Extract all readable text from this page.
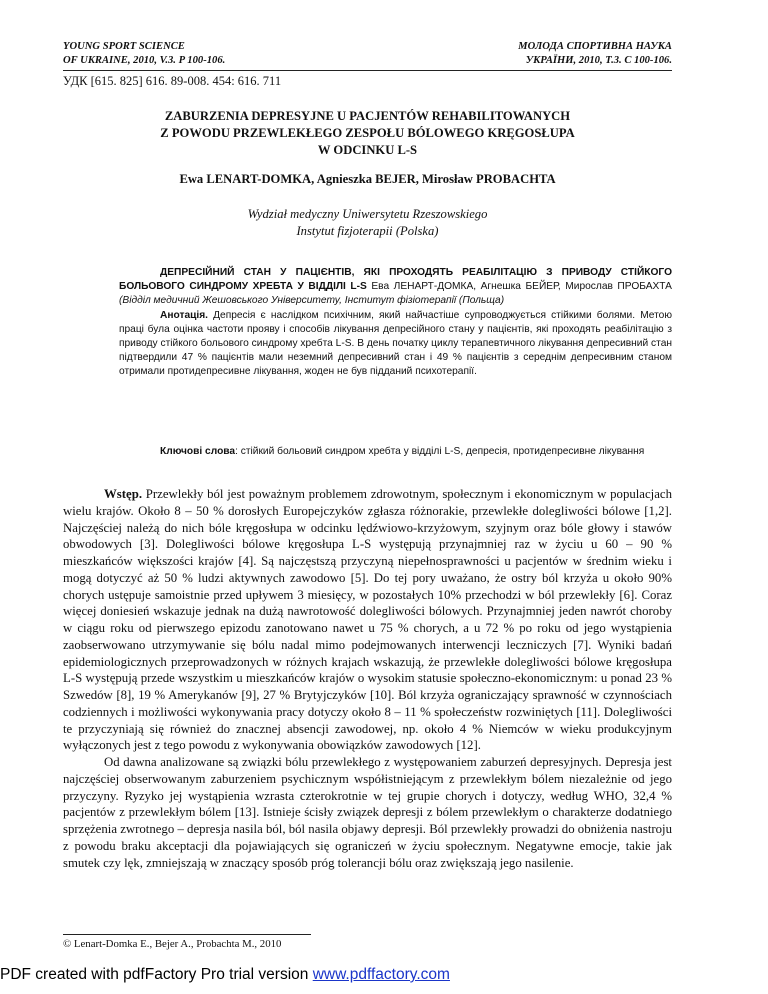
YOUNG SPORT SCIENCE
OF UKRAINE, 2010, V.3. P 100-106.
МОЛОДА СПОРТИВНА НАУКА
УКРАЇНИ, 2010, Т.3. С 100-106.
УДК [615. 825] 616. 89-008. 454: 616. 711
ZABURZENIA DEPRESYJNE U PACJENTÓW REHABILITOWANYCH
Z POWODU PRZEWLEKŁEGO ZESPOŁU BÓLOWEGO KRĘGOSŁUPA
W ODCINKU L-S
Ewa LENART-DOMKA, Agnieszka BEJER, Mirosław PROBACHTA
Wydział medyczny Uniwersytetu Rzeszowskiego
Instytut fizjoterapii (Polska)

ДЕПРЕСІЙНИЙ СТАН У ПАЦІЄНТІВ, ЯКІ ПРОХОДЯТЬ РЕАБІЛІТАЦІЮ З ПРИВОДУ СТІЙКОГО БОЛЬОВОГО СИНДРОМУ ХРЕБТА У ВІДДІЛІ L-S Ева ЛЕНАРТ-ДОМКА, Агнешка БЕЙЕР, Мирослав ПРОБАХТА (Відділ медичний Жешовського Університету, Інститут фізіотерапії (Польща)

Анотація. Депресія є наслідком психічним, який найчастіше супроводжується стійкими болями. Метою праці була оцінка частоти прояву і способів лікування депресійного стану у пацієнтів, які проходять реабілітацію з приводу стійкого больового синдрому хребта L-S. В день початку циклу терапевтичного лікування депресивний стан підтвердили 47 % пацієнтів мали неземний депресивний стан і 49 % пацієнтів з середнім депресивним станом отримали протидепресивне лікування, жоден не був підданий психотерапії.

Ключові слова: стійкий больовий синдром хребта у відділі L-S, депресія, протидепресивне лікування

Wstęp. Przewlekły ból jest poważnym problemem zdrowotnym, społecznym i ekonomicznym w populacjach wielu krajów. Około 8 – 50 % dorosłych Europejczyków zgłasza różnorakie, przewlekłe dolegliwości bólowe [1,2]. Najczęściej należą do nich bóle kręgosłupa w odcinku lędźwiowo-krzyżowym, szyjnym oraz bóle głowy i stawów obwodowych [3]. Dolegliwości bólowe kręgosłupa L-S występują przynajmniej raz w życiu u 60 – 90 % mieszkańców większości krajów [4]. Są najczęstszą przyczyną niepełnosprawności u pacjentów w średnim wieku i mogą dotyczyć aż 50 % ludzi aktywnych zawodowo [5]. Do tej pory uważano, że ostry ból krzyża u około 90% chorych ustępuje samoistnie przed upływem 3 miesięcy, w pozostałych 10% przechodzi w ból przewlekły [6]. Coraz więcej doniesień wskazuje jednak na dużą nawrotowość dolegliwości bólowych. Przynajmniej jeden nawrót choroby w ciągu roku od pierwszego epizodu zanotowano nawet u 75 % chorych, a u 72 % po roku od jego wystąpienia zaobserwowano utrzymywanie się bólu nadal mimo podejmowanych interwencji leczniczych [7]. Wyniki badań epidemiologicznych przeprowadzonych w różnych krajach wskazują, że przewlekłe dolegliwości bólowe kręgosłupa L-S występują przede wszystkim u mieszkańców krajów o wysokim statusie społeczno-ekonomicznym: u ponad 23 % Szwedów [8], 19 % Amerykanów [9], 27 % Brytyjczyków [10]. Ból krzyża ograniczający sprawność w czynnościach codziennych i możliwości wykonywania pracy dotyczy około 8 – 11 % społeczeństw rozwiniętych [11]. Dolegliwości te przyczyniają się również do znacznej absencji zawodowej, np. około 4 % Niemców w wieku produkcyjnym wyłączonych jest z tego powodu z wykonywania obowiązków zawodowych [12].

Od dawna analizowane są związki bólu przewlekłego z występowaniem zaburzeń depresyjnych. Depresja jest najczęściej obserwowanym zaburzeniem psychicznym współistniejącym z przewlekłym bólem niezależnie od jego przyczyny. Ryzyko jej wystąpienia wzrasta czterokrotnie w tej grupie chorych i dotyczy, według WHO, 32,4 % pacjentów z przewlekłym bólem [13]. Istnieje ścisły związek depresji z bólem przewlekłym o charakterze dodatniego sprzężenia zwrotnego – depresja nasila ból, ból nasila objawy depresji. Ból przewlekły prowadzi do obniżenia nastroju z powodu braku akceptacji dla pojawiających się ograniczeń w życiu społecznym. Negatywne emocje, takie jak smutek czy lęk, zmniejszają w znaczący sposób próg tolerancji bólu oraz zwiększają jego nasilenie.

© Lenart-Domka E., Bejer A., Probachta M., 2010
PDF created with pdfFactory Pro trial version www.pdffactory.com
